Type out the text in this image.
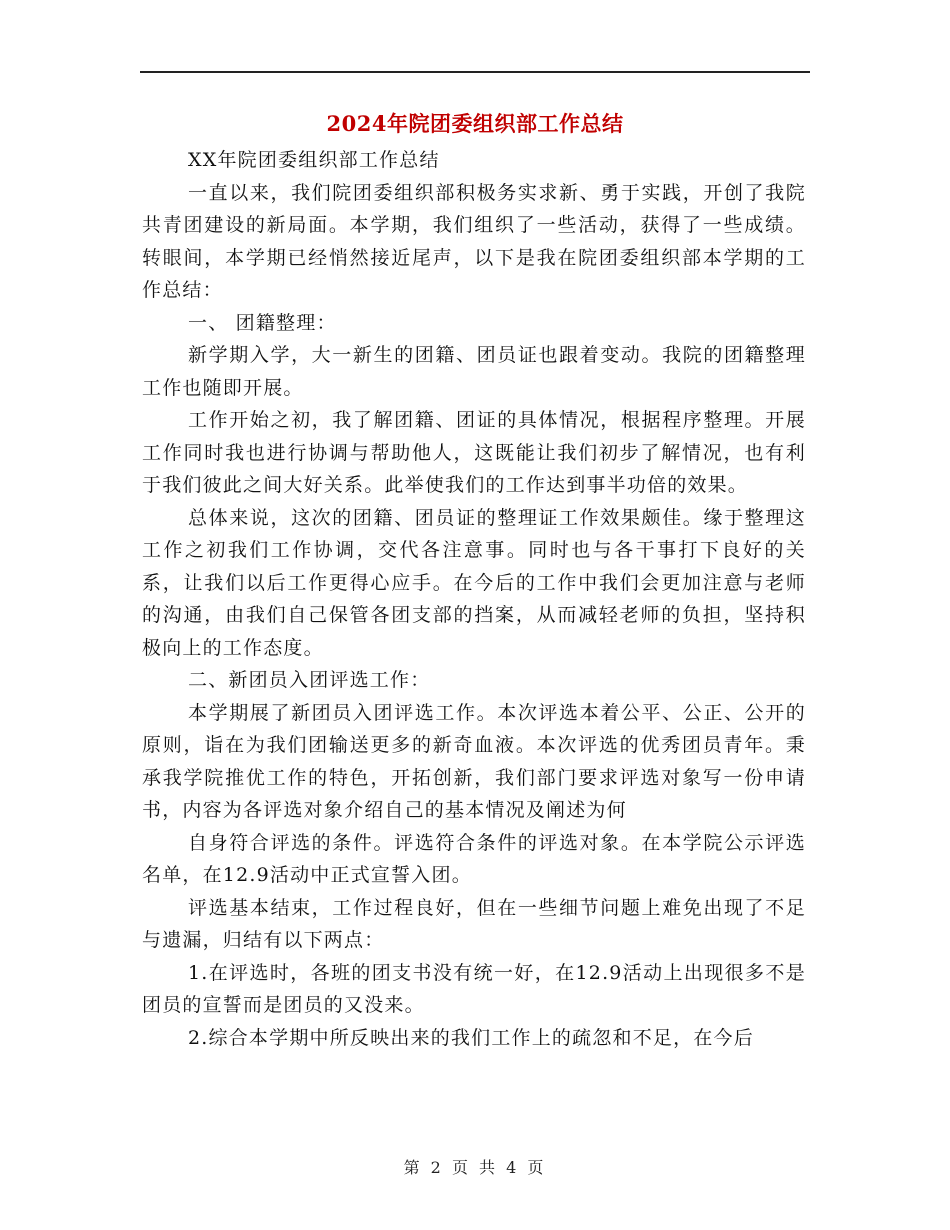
2024年院团委组织部工作总结

XX年院团委组织部工作总结

一直以来，我们院团委组织部积极务实求新、勇于实践，开创了我院共青团建设的新局面。本学期，我们组织了一些活动，获得了一些成绩。转眼间，本学期已经悄然接近尾声，以下是我在院团委组织部本学期的工作总结：

一、 团籍整理：

新学期入学，大一新生的团籍、团员证也跟着变动。我院的团籍整理工作也随即开展。

工作开始之初，我了解团籍、团证的具体情况，根据程序整理。开展工作同时我也进行协调与帮助他人，这既能让我们初步了解情况，也有利于我们彼此之间大好关系。此举使我们的工作达到事半功倍的效果。

总体来说，这次的团籍、团员证的整理证工作效果颇佳。缘于整理这工作之初我们工作协调，交代各注意事。同时也与各干事打下良好的关系，让我们以后工作更得心应手。在今后的工作中我们会更加注意与老师的沟通，由我们自己保管各团支部的挡案，从而减轻老师的负担，坚持积极向上的工作态度。

二、新团员入团评选工作：

本学期展了新团员入团评选工作。本次评选本着公平、公正、公开的原则，诣在为我们团输送更多的新奇血液。本次评选的优秀团员青年。秉承我学院推优工作的特色，开拓创新，我们部门要求评选对象写一份申请书，内容为各评选对象介绍自己的基本情况及阐述为何

自身符合评选的条件。评选符合条件的评选对象。在本学院公示评选名单，在12.9活动中正式宣誓入团。

评选基本结束，工作过程良好，但在一些细节问题上难免出现了不足与遗漏，归结有以下两点：

1.在评选时，各班的团支书没有统一好，在12.9活动上出现很多不是团员的宣誓而是团员的又没来。

2.综合本学期中所反映出来的我们工作上的疏忽和不足，在今后

第 2 页 共 4 页
